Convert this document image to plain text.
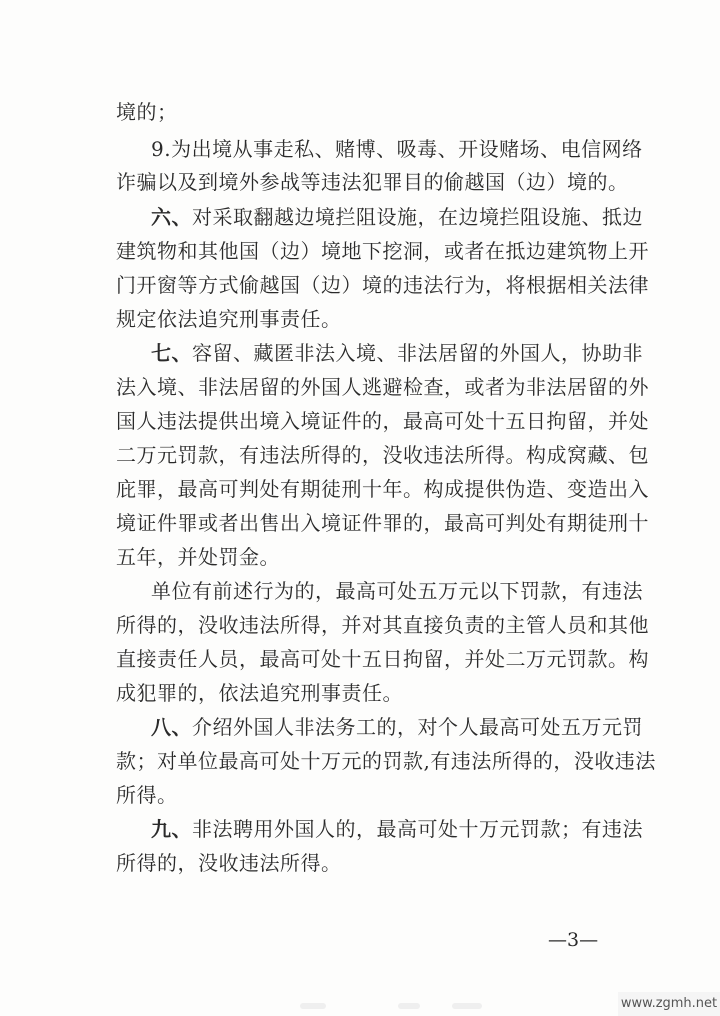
境的；
9.为出境从事走私、赌博、吸毒、开设赌场、电信网络
诈骗以及到境外参战等违法犯罪目的偷越国（边）境的。
六、对采取翻越边境拦阻设施，在边境拦阻设施、抵边
建筑物和其他国（边）境地下挖洞，或者在抵边建筑物上开
门开窗等方式偷越国（边）境的违法行为，将根据相关法律
规定依法追究刑事责任。
七、容留、藏匿非法入境、非法居留的外国人，协助非
法入境、非法居留的外国人逃避检查，或者为非法居留的外
国人违法提供出境入境证件的，最高可处十五日拘留，并处
二万元罚款，有违法所得的，没收违法所得。构成窝藏、包
庇罪，最高可判处有期徒刑十年。构成提供伪造、变造出入
境证件罪或者出售出入境证件罪的，最高可判处有期徒刑十
五年，并处罚金。
单位有前述行为的，最高可处五万元以下罚款，有违法
所得的，没收违法所得，并对其直接负责的主管人员和其他
直接责任人员，最高可处十五日拘留，并处二万元罚款。构
成犯罪的，依法追究刑事责任。
八、介绍外国人非法务工的，对个人最高可处五万元罚
款；对单位最高可处十万元的罚款,有违法所得的，没收违法
所得。
九、非法聘用外国人的，最高可处十万元罚款；有违法
所得的，没收违法所得。
—3—
www.zgmh.net
